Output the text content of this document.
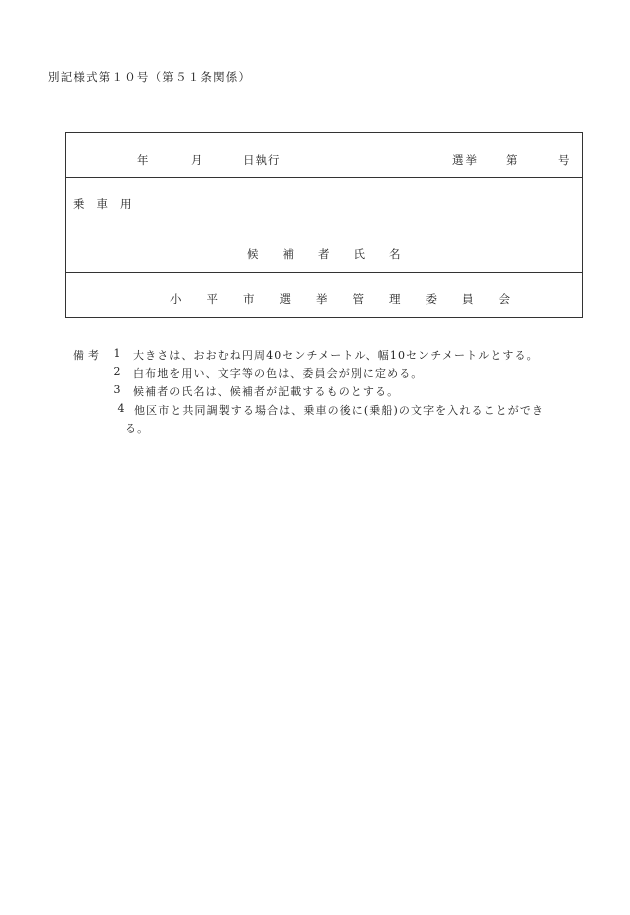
別記様式第１０号（第５１条関係）
年	月	日執行	選挙 第	号
乗車用
候補者氏名
小平市選挙管理委員会
備考 1 大きさは、おおむね円周40センチメートル、幅10センチメートルとする。
2 白布地を用い、文字等の色は、委員会が別に定める。
3 候補者の氏名は、候補者が記載するものとする。
4 他区市と共同調製する場合は、乗車の後に(乗船)の文字を入れることができ
る。
